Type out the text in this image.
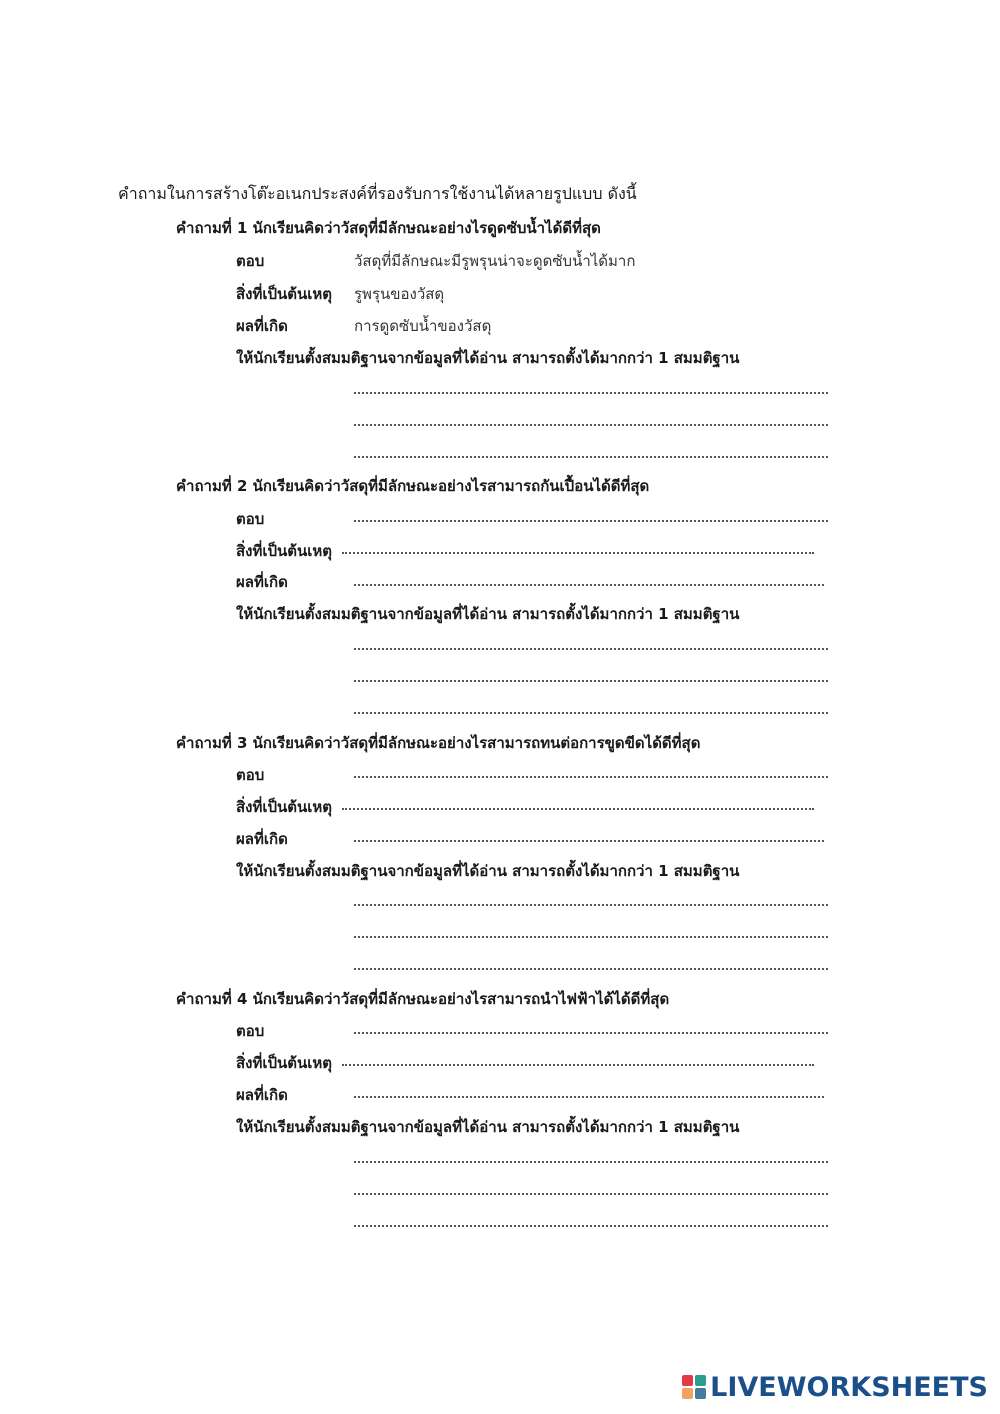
คำถามในการสร้างโต๊ะอเนกประสงค์ที่รองรับการใช้งานได้หลายรูปแบบ ดังนี้
คำถามที่ 1 นักเรียนคิดว่าวัสดุที่มีลักษณะอย่างไรดูดซับน้ำได้ดีที่สุด
ตอบ	วัสดุที่มีลักษณะมีรูพรุนน่าจะดูดซับน้ำได้มาก
สิ่งที่เป็นต้นเหตุ รูพรุนของวัสดุ
ผลที่เกิด	การดูดซับน้ำของวัสดุ
ให้นักเรียนตั้งสมมติฐานจากข้อมูลที่ได้อ่าน สามารถตั้งได้มากกว่า 1 สมมติฐาน
คำถามที่ 2 นักเรียนคิดว่าวัสดุที่มีลักษณะอย่างไรสามารถกันเปื้อนได้ดีที่สุด
ตอบ
สิ่งที่เป็นต้นเหตุ
ผลที่เกิด
ให้นักเรียนตั้งสมมติฐานจากข้อมูลที่ได้อ่าน สามารถตั้งได้มากกว่า 1 สมมติฐาน
คำถามที่ 3 นักเรียนคิดว่าวัสดุที่มีลักษณะอย่างไรสามารถทนต่อการขูดขีดได้ดีที่สุด
ตอบ
สิ่งที่เป็นต้นเหตุ
ผลที่เกิด
ให้นักเรียนตั้งสมมติฐานจากข้อมูลที่ได้อ่าน สามารถตั้งได้มากกว่า 1 สมมติฐาน
คำถามที่ 4 นักเรียนคิดว่าวัสดุที่มีลักษณะอย่างไรสามารถนำไฟฟ้าได้ได้ดีที่สุด
ตอบ
สิ่งที่เป็นต้นเหตุ
ผลที่เกิด
ให้นักเรียนตั้งสมมติฐานจากข้อมูลที่ได้อ่าน สามารถตั้งได้มากกว่า 1 สมมติฐาน
LIVEWORKSHEETS
